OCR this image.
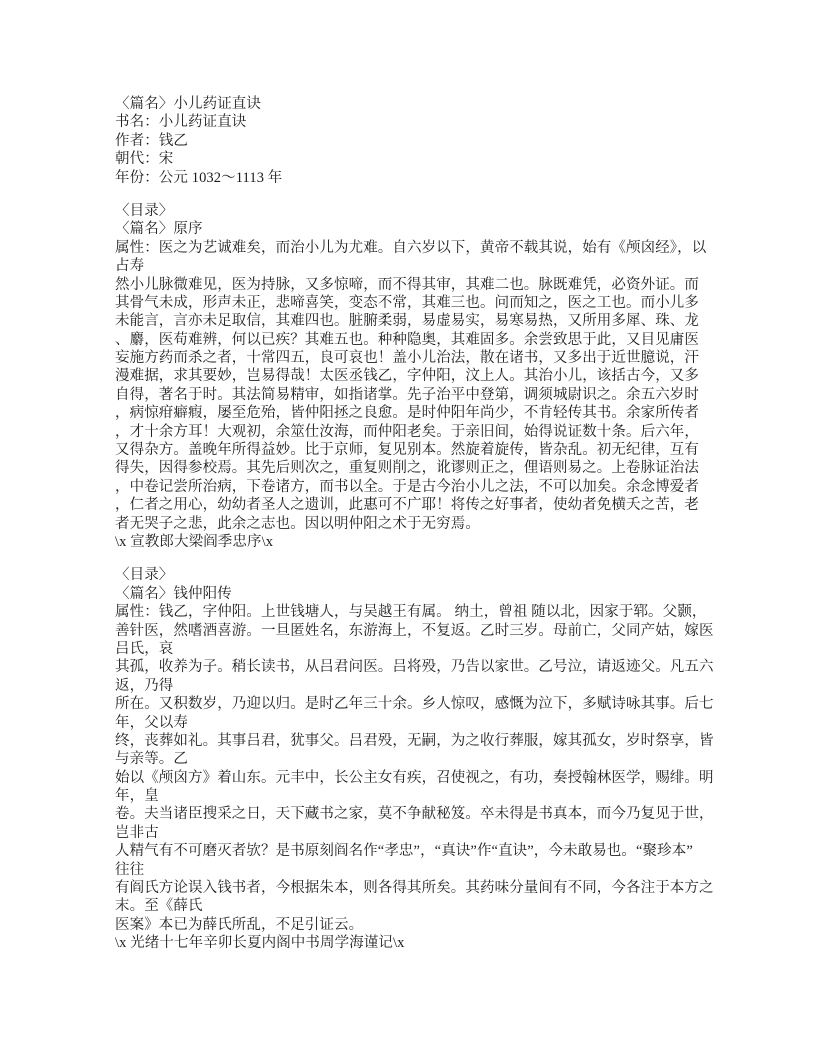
〈篇名〉小儿药证直诀
书名：小儿药证直诀
作者：钱乙
朝代：宋
年份：公元 1032～1113 年
〈目录〉
〈篇名〉原序
属性：医之为艺诚难矣，而治小儿为尤难。自六岁以下，黄帝不载其说，始有《颅囟经》，以
占寿
然小儿脉微难见，医为持脉，又多惊啼，而不得其审，其难二也。脉既难凭，必资外证。而
其骨气未成，形声未正，悲啼喜笑，变态不常，其难三也。问而知之，医之工也。而小儿多
未能言，言亦未足取信，其难四也。脏腑柔弱，易虚易实，易寒易热，又所用多犀、珠、龙
、麝，医苟难辨，何以已疾？其难五也。种种隐奥，其难固多。余尝致思于此，又目见庸医
妄施方药而杀之者，十常四五，良可哀也！盖小儿治法，散在诸书，又多出于近世臆说，汗
漫难据，求其要妙，岂易得哉！太医丞钱乙，字仲阳，汶上人。其治小儿，该括古今，又多
自得，著名于时。其法简易精审，如指诸掌。先子治平中登第，调须城尉识之。余五六岁时
，病惊疳癖瘕，屡至危殆，皆仲阳拯之良愈。是时仲阳年尚少，不肯轻传其书。余家所传者
，才十余方耳！大观初，余筮仕汝海，而仲阳老矣。于亲旧间，始得说证数十条。后六年，
又得杂方。盖晚年所得益妙。比于京师，复见别本。然旋着旋传，皆杂乱。初无纪律，互有
得失，因得参校焉。其先后则次之，重复则削之，讹谬则正之，俚语则易之。上卷脉证治法
，中卷记尝所治病，下卷诸方，而书以全。于是古今治小儿之法，不可以加矣。余念博爱者
，仁者之用心，幼幼者圣人之遗训，此惠可不广耶！将传之好事者，使幼者免横夭之苦，老
者无哭子之悲，此余之志也。因以明仲阳之术于无穷焉。
\x 宣教郎大梁阎季忠序\x
〈目录〉
〈篇名〉钱仲阳传
属性：钱乙，字仲阳。上世钱塘人，与吴越王有属。 纳土，曾祖 随以北，因家于郓。父颢，
善针医，然嗜酒喜游。一旦匿姓名，东游海上，不复返。乙时三岁。母前亡，父同产姑，嫁医
吕氏，哀
其孤，收养为子。稍长读书，从吕君问医。吕将殁，乃告以家世。乙号泣，请返迹父。凡五六
返，乃得
所在。又积数岁，乃迎以归。是时乙年三十余。乡人惊叹，感慨为泣下，多赋诗咏其事。后七
年，父以寿
终，丧葬如礼。其事吕君，犹事父。吕君殁，无嗣，为之收行葬服，嫁其孤女，岁时祭享，皆
与亲等。乙
始以《颅囟方》着山东。元丰中，长公主女有疾，召使视之，有功，奏授翰林医学，赐绯。明
年，皇
卷。夫当诸臣搜采之日，天下藏书之家，莫不争献秘笈。卒未得是书真本，而今乃复见于世，
岂非古
人精气有不可磨灭者欤？是书原刻阎名作“孝忠”，“真诀”作“直诀”，今未敢易也。“聚珍本”
往往
有阎氏方论误入钱书者，今根据朱本，则各得其所矣。其药味分量间有不同，今各注于本方之
末。至《薛氏
医案》本已为薛氏所乱，不足引证云。
\x 光绪十七年辛卯长夏内阁中书周学海谨记\x
